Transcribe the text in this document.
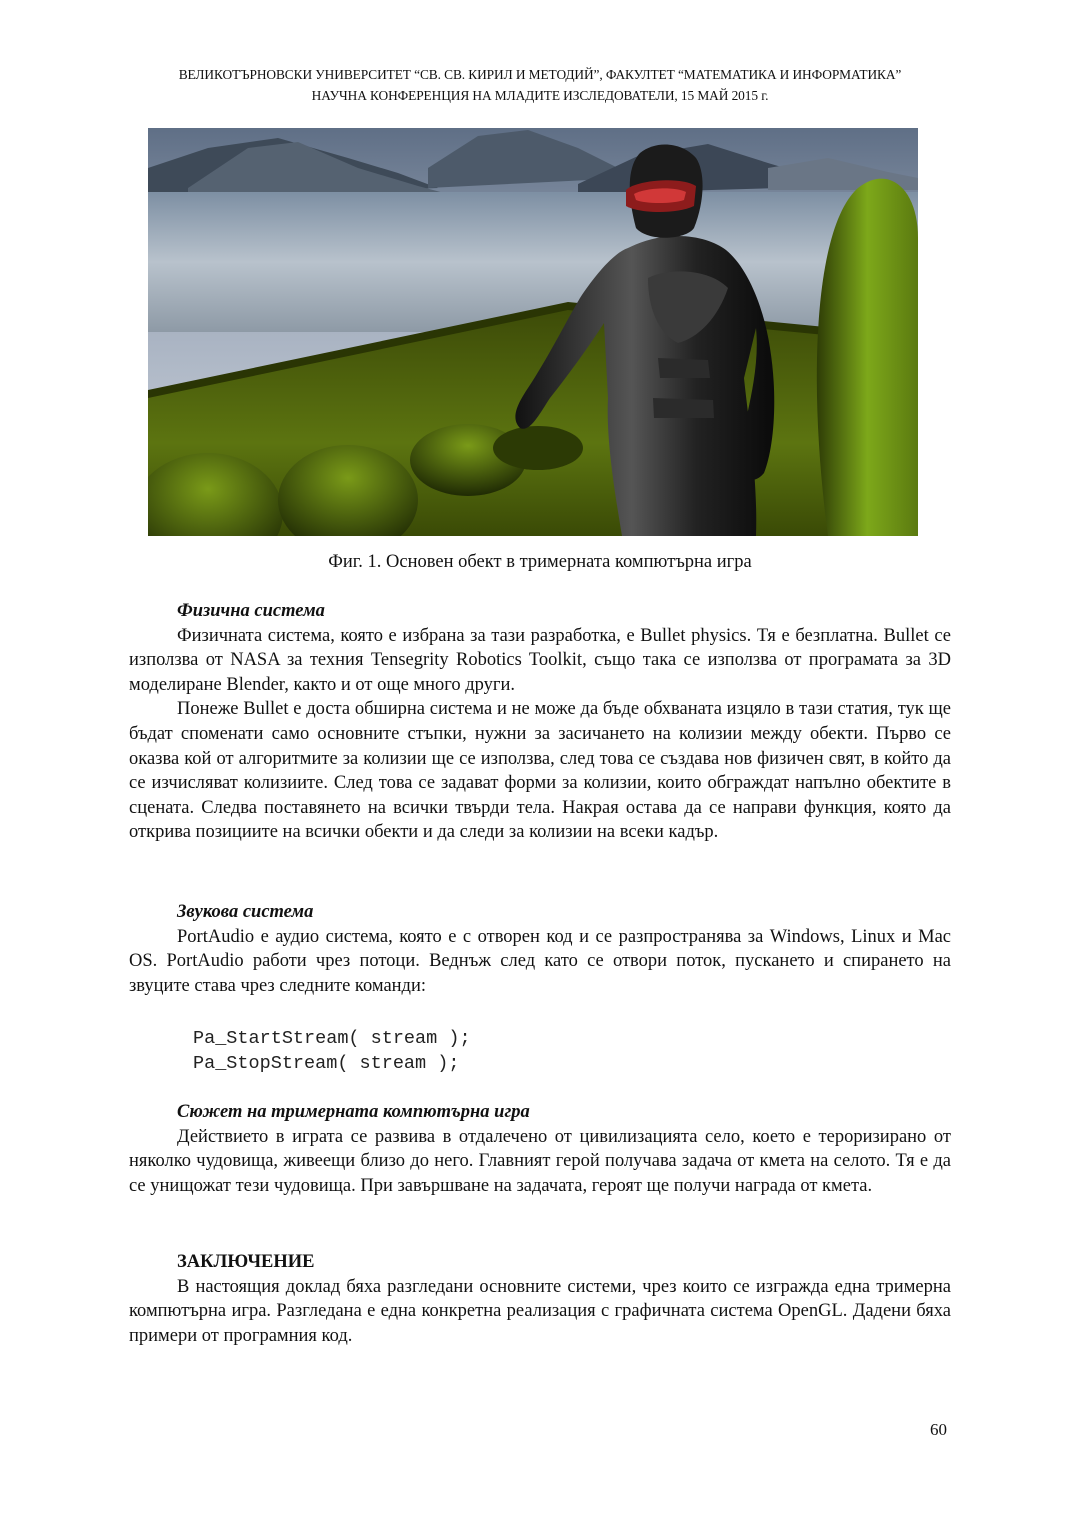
ВЕЛИКОТЪРНОВСКИ УНИВЕРСИТЕТ “СВ. СВ. КИРИЛ И МЕТОДИЙ”, ФАКУЛТЕТ “МАТЕМАТИКА И ИНФОРМАТИКА”
НАУЧНА КОНФЕРЕНЦИЯ НА МЛАДИТЕ ИЗСЛЕДОВАТЕЛИ, 15 МАЙ 2015 г.
Фиг. 1. Основен обект в тримерната компютърна игра
Физична система

Физичната система, която е избрана за тази разработка, е Bullet physics. Тя е безплатна. Bullet се използва от NASA за техния Tensegrity Robotics Toolkit, също така се използва от програмата за 3D моделиране Blender, както и от още много други.

Понеже Bullet е доста обширна система и не може да бъде обхваната изцяло в тази статия, тук ще бъдат споменати само основните стъпки, нужни за засичането на колизии между обекти. Първо се оказва кой от алгоритмите за колизии ще се използва, след това се създава нов физичен свят, в който да се изчисляват колизиите. След това се задават форми за колизии, които обграждат напълно обектите в сцената. Следва поставянето на всички твърди тела. Накрая остава да се направи функция, която да открива позициите на всички обекти и да следи за колизии на всеки кадър.

Звукова система

PortAudio е аудио система, която е с отворен код и се разпространява за Windows, Linux и Mac OS. PortAudio работи чрез потоци. Веднъж след като се отвори поток, пускането и спирането на звуците става чрез следните команди:

Pa_StartStream( stream );
Pa_StopStream( stream );
Сюжет на тримерната компютърна игра

Действието в играта се развива в отдалечено от цивилизацията село, което е тероризирано от няколко чудовища, живеещи близо до него. Главният герой получава задача от кмета на селото. Тя е да се унищожат тези чудовища. При завършване на задачата, героят ще получи награда от кмета.

ЗАКЛЮЧЕНИЕ

В настоящия доклад бяха разгледани основните системи, чрез които се изгражда една тримерна компютърна игра. Разгледана е една конкретна реализация с графичната система OpenGL. Дадени бяха примери от програмния код.

60
